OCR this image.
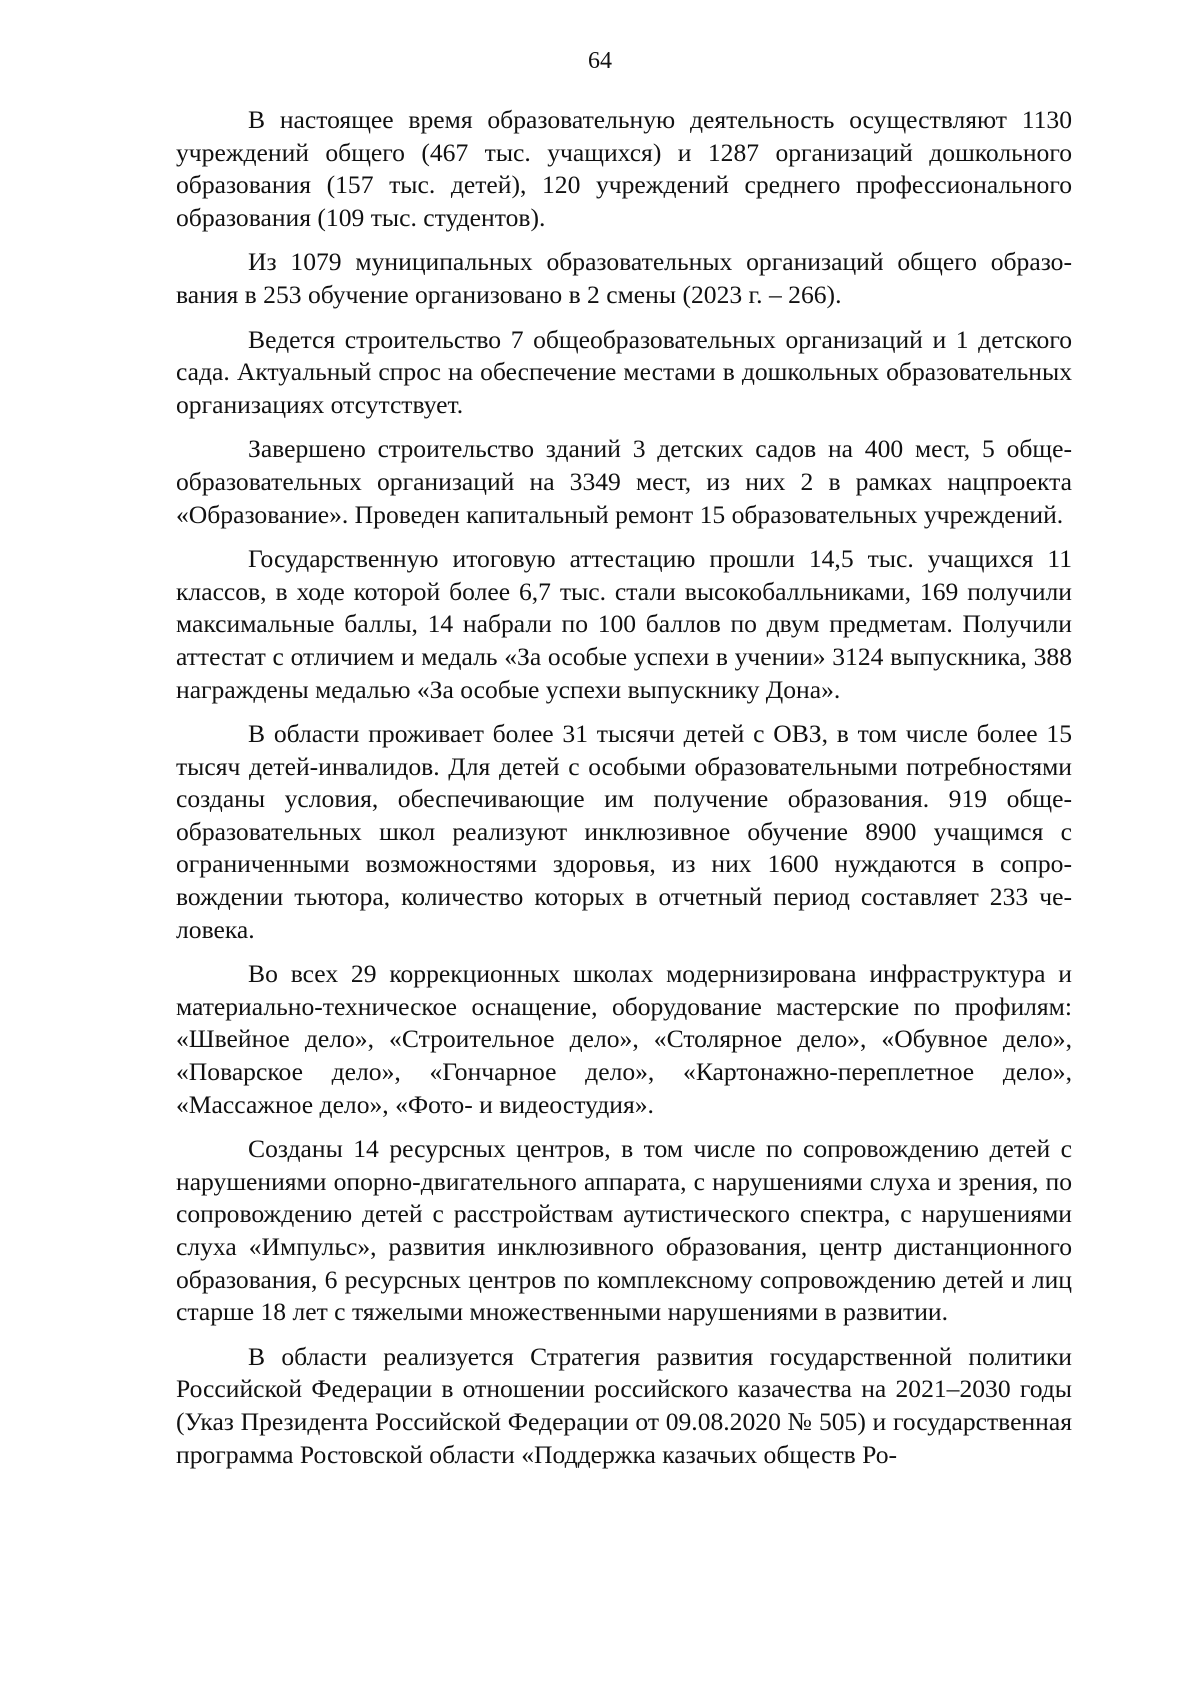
64

В настоящее время образовательную деятельность осуществляют 1130 учреждений общего (467 тыс. учащихся) и 1287 организаций дошкольного образования (157 тыс. детей), 120 учреждений среднего профессионального образования (109 тыс. студентов).

Из 1079 муниципальных образовательных организаций общего образования в 253 обучение организовано в 2 смены (2023 г. – 266).

Ведется строительство 7 общеобразовательных организаций и 1 детского сада. Актуальный спрос на обеспечение местами в дошкольных образовательных организациях отсутствует.

Завершено строительство зданий 3 детских садов на 400 мест, 5 общеобразовательных организаций на 3349 мест, из них 2 в рамках нацпроекта «Образование». Проведен капитальный ремонт 15 образовательных учреждений.

Государственную итоговую аттестацию прошли 14,5 тыс. учащихся 11 классов, в ходе которой более 6,7 тыс. стали высокобалльниками, 169 получили максимальные баллы, 14 набрали по 100 баллов по двум предметам. Получили аттестат с отличием и медаль «За особые успехи в учении» 3124 выпускника, 388 награждены медалью «За особые успехи выпускнику Дона».

В области проживает более 31 тысячи детей с ОВЗ, в том числе более 15 тысяч детей-инвалидов. Для детей с особыми образовательными потребностями созданы условия, обеспечивающие им получение образования. 919 общеобразовательных школ реализуют инклюзивное обучение 8900 учащимся с ограниченными возможностями здоровья, из них 1600 нуждаются в сопровождении тьютора, количество которых в отчетный период составляет 233 человека.

Во всех 29 коррекционных школах модернизирована инфраструктура и материально-техническое оснащение, оборудование мастерские по профилям: «Швейное дело», «Строительное дело», «Столярное дело», «Обувное дело», «Поварское дело», «Гончарное дело», «Картонажно-переплетное дело», «Массажное дело», «Фото- и видеостудия».

Созданы 14 ресурсных центров, в том числе по сопровождению детей с нарушениями опорно-двигательного аппарата, с нарушениями слуха и зрения, по сопровождению детей с расстройствам аутистического спектра, с нарушениями слуха «Импульс», развития инклюзивного образования, центр дистанционного образования, 6 ресурсных центров по комплексному сопровождению детей и лиц старше 18 лет с тяжелыми множественными нарушениями в развитии.

В области реализуется Стратегия развития государственной политики Российской Федерации в отношении российского казачества на 2021–2030 годы (Указ Президента Российской Федерации от 09.08.2020 № 505) и государственная программа Ростовской области «Поддержка казачьих обществ Ро-
